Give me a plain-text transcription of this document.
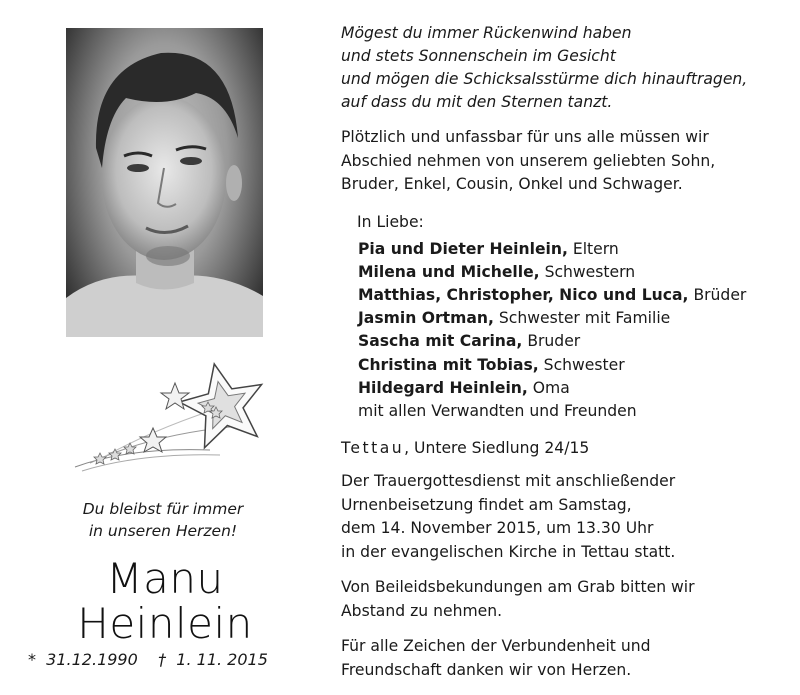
Du bleibst für immer
in unseren Herzen!
Manu
Heinlein
* 31.12.1990 † 1. 11. 2015
Mögest du immer Rückenwind haben
und stets Sonnenschein im Gesicht
und mögen die Schicksalsstürme dich hinauftragen,
auf dass du mit den Sternen tanzt.
Plötzlich und unfassbar für uns alle müssen wir
Abschied nehmen von unserem geliebten Sohn,
Bruder, Enkel, Cousin, Onkel und Schwager.
In Liebe:
Pia und Dieter Heinlein, Eltern
Milena und Michelle, Schwestern
Matthias, Christopher, Nico und Luca, Brüder
Jasmin Ortman, Schwester mit Familie
Sascha mit Carina, Bruder
Christina mit Tobias, Schwester
Hildegard Heinlein, Oma
mit allen Verwandten und Freunden
Tettau, Untere Siedlung 24/15
Der Trauergottesdienst mit anschließender
Urnenbeisetzung findet am Samstag,
dem 14. November 2015, um 13.30 Uhr
in der evangelischen Kirche in Tettau statt.
Von Beileidsbekundungen am Grab bitten wir
Abstand zu nehmen.
Für alle Zeichen der Verbundenheit und
Freundschaft danken wir von Herzen.
